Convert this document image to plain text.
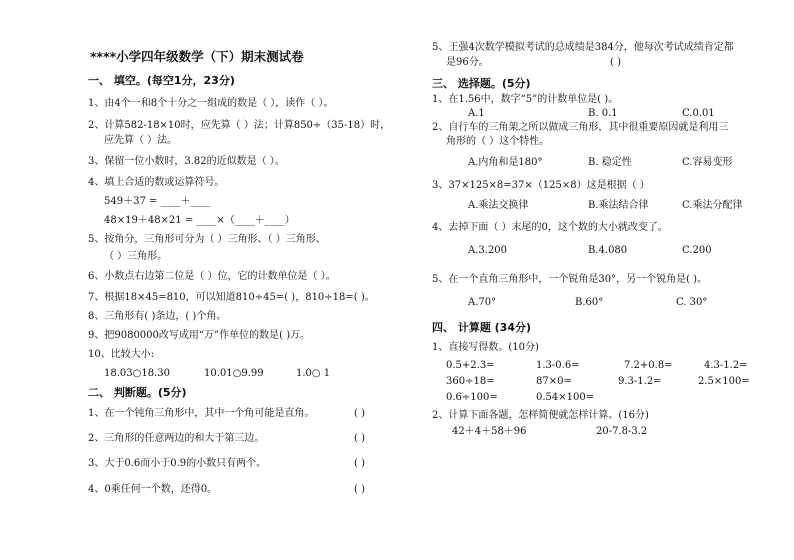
****小学四年级数学（下）期末测试卷
一、 填空。(每空1分，23分)
1、由4个一和8个十分之一组成的数是（ ），读作（ ）。
2、计算582-18×10时，应先算（ ）法；计算850÷（35-18）时，
应先算（ ）法。
3、保留一位小数时，3.82的近似数是（ ）。
4、填上合适的数或运算符号。
549＋37 = ____＋____
48×19＋48×21 = ____×（____＋____）
5、按角分，三角形可分为（ ）三角形、（ ）三角形、
（ ）三角形。
6、小数点右边第二位是（ ）位，它的计数单位是（ ）。
7、根据18×45=810，可以知道810÷45=( )，810÷18=( )。
8、三角形有( )条边，( )个角。
9、把9080000改写成用“万”作单位的数是( )万。
10、比较大小:
18.03○18.30	10.01○9.99	1.0○ 1
二、 判断题。(5分)
1、在一个钝角三角形中，其中一个角可能是直角。	( )
2、三角形的任意两边的和大于第三边。	( )
3、大于0.6而小于0.9的小数只有两个。	( )
4、0乘任何一个数，还得0。	( )
5、王强4次数学模拟考试的总成绩是384分，他每次考试成绩肯定都
是96分。	( )
三、 选择题。(5分)
1、在1.56中，数字“5”的计数单位是( )。
A.1	B. 0.1	C.0.01
2、自行车的三角架之所以做成三角形，其中很重要原因就是利用三
角形的（ ）这个特性。
A.内角和是180°	B. 稳定性	C.容易变形
3、37×125×8=37×（125×8）这是根据（ ）
A.乘法交换律	B.乘法结合律	C.乘法分配律
4、去掉下面（ ）末尾的0，这个数的大小就改变了。
A.3.200	B.4.080	C.200
5、在一个直角三角形中，一个锐角是30°，另一个锐角是( )。
A.70°	B.60°	C. 30°
四、 计算题 (34分)
1、直接写得数。(10分)
0.5+2.3=	1.3-0.6=	7.2+0.8=	4.3-1.2=
360÷18=	87×0=	9.3-1.2=	2.5×100=
0.6÷100=	0.54×100=
2、计算下面各题，怎样简便就怎样计算。(16分)
42＋4＋58＋96	20-7.8-3.2
